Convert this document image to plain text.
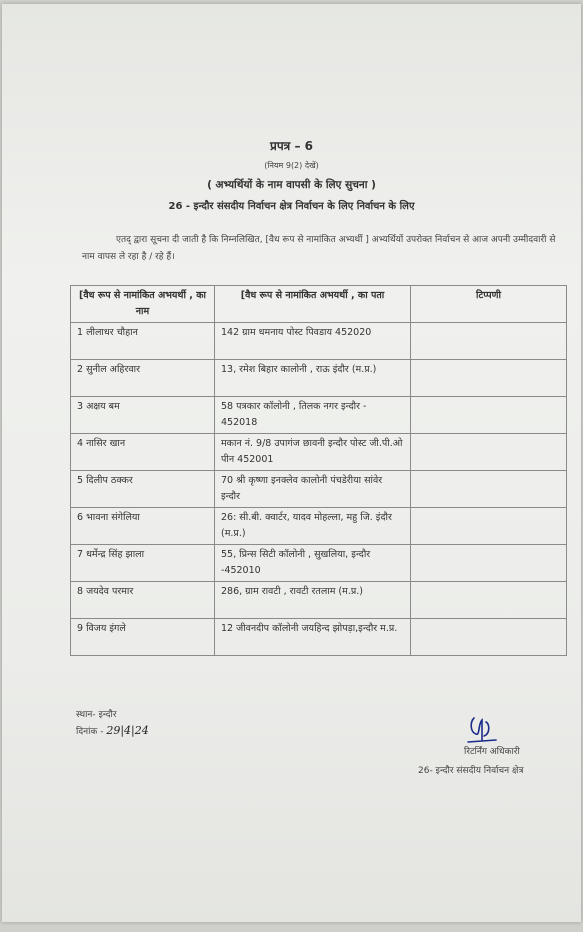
प्रपत्र – 6
(नियम 9(2) देखें)
( अभ्यर्थियों के नाम वापसी के लिए सुचना )
26 - इन्दौर संसदीय निर्वाचन क्षेत्र निर्वाचन के लिए निर्वाचन के लिए
एतद् द्वारा सूचना दी जाती है कि निम्नलिखित, [वैध रूप से नामांकित अभ्यर्थी ] अभ्यर्थियों उपरोक्त निर्वाचन से आज अपनी उम्मीदवारी से नाम वापस ले रहा है / रहे हैं।
[वैध रूप से नामांकित अभयर्थी , का नाम	[वैध रूप से नामांकित अभयर्थी , का पता	टिप्पणी
1 लीलाधर चौहान	142 ग्राम धमनाय पोस्ट पिवडाय 452020	
2 सुनील अहिरवार	13, रमेश बिहार कालोनी , राऊ इंदौर (म.प्र.)	
3 अक्षय बम	58 पत्रकार कॉलोनी , तिलक नगर इन्दौर - 452018	
4 नासिर खान	मकान नं. 9/8 उपागंज छावनी इन्दौर पोस्ट जी.पी.ओ पीन 452001	
5 दिलीप ठक्कर	70 श्री कृष्णा इनक्लेव कालोनी पंचडेरीया सांवेर इन्दौर	
6 भावना संगेलिया	26: सी.बी. क्वार्टर, यादव मोहल्ला, महु जि. इंदौर (म.प्र.)	
7 धर्मेन्द्र सिंह झाला	55, प्रिन्स सिटी कॉलोनी , सुखलिया, इन्दौर -452010	
8 जयदेव परमार	286, ग्राम रावटी , रावटी रतलाम (म.प्र.)	
9 विजय इंगले	12 जीवनदीप कॉलोनी जयहिन्द झोपड़ा,इन्दौर म.प्र.	
स्थान- इन्दौर
दिनांक - 29|4|24
रिटर्निंग अधिकारी
26- इन्दौर संसदीय निर्वाचन क्षेत्र
